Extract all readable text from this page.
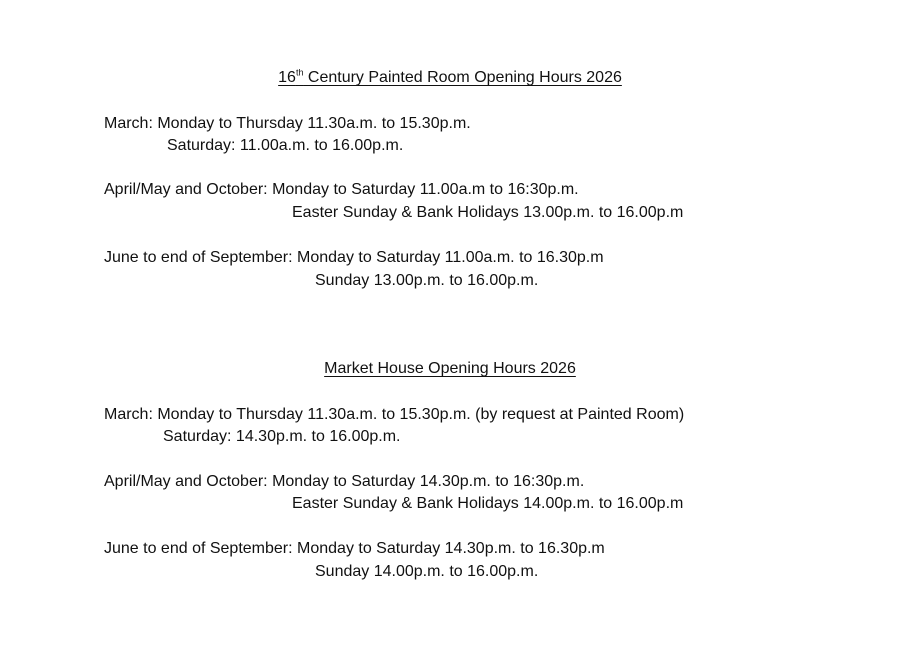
16th Century Painted Room Opening Hours 2026
March: Monday to Thursday 11.30a.m. to 15.30p.m.
Saturday: 11.00a.m. to 16.00p.m.
April/May and October: Monday to Saturday 11.00a.m to 16:30p.m.
Easter Sunday & Bank Holidays 13.00p.m. to 16.00p.m
June to end of September: Monday to Saturday 11.00a.m. to 16.30p.m
Sunday 13.00p.m. to 16.00p.m.
Market House Opening Hours 2026
March: Monday to Thursday 11.30a.m. to 15.30p.m. (by request at Painted Room)
Saturday: 14.30p.m. to 16.00p.m.
April/May and October: Monday to Saturday 14.30p.m. to 16:30p.m.
Easter Sunday & Bank Holidays 14.00p.m. to 16.00p.m
June to end of September: Monday to Saturday 14.30p.m. to 16.30p.m
Sunday 14.00p.m. to 16.00p.m.
